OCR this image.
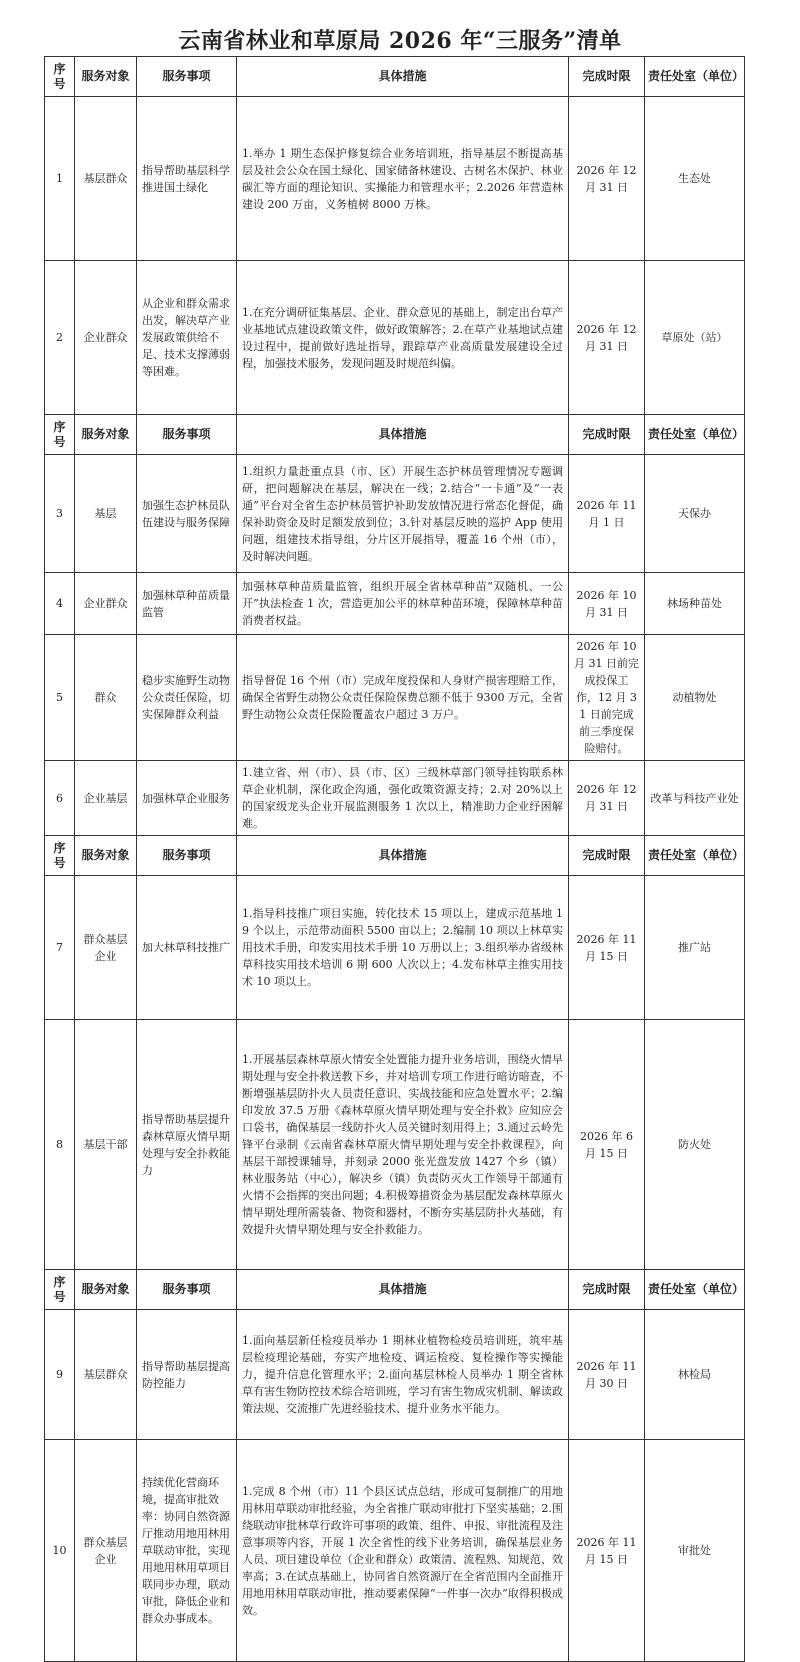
云南省林业和草原局 2026 年“三服务”清单
序号	服务对象	服务事项	具体措施	完成时限	责任处室（单位）
1	基层群众	指导帮助基层科学推进国土绿化	1.举办 1 期生态保护修复综合业务培训班，指导基层不断提高基层及社会公众在国土绿化、国家储备林建设、古树名木保护、林业碳汇等方面的理论知识、实操能力和管理水平；2.2026 年营造林建设 200 万亩，义务植树 8000 万株。	2026 年 12 月 31 日	生态处
2	企业群众	从企业和群众需求出发，解决草产业发展政策供给不足、技术支撑薄弱等困难。	1.在充分调研征集基层、企业、群众意见的基础上，制定出台草产业基地试点建设政策文件，做好政策解答；2.在草产业基地试点建设过程中，提前做好选址指导，跟踪草产业高质量发展建设全过程，加强技术服务，发现问题及时规范纠偏。	2026 年 12 月 31 日	草原处（站）
序号	服务对象	服务事项	具体措施	完成时限	责任处室（单位）
3	基层	加强生态护林员队伍建设与服务保障	1.组织力量赴重点县（市、区）开展生态护林员管理情况专题调研，把问题解决在基层，解决在一线；2.结合“一卡通”及“一表通”平台对全省生态护林员管护补助发放情况进行常态化督促，确保补助资金及时足额发放到位；3.针对基层反映的巡护 App 使用问题，组建技术指导组，分片区开展指导，覆盖 16 个州（市），及时解决问题。	2026 年 11 月 1 日	天保办
4	企业群众	加强林草种苗质量监管	加强林草种苗质量监管，组织开展全省林草种苗“双随机、一公开”执法检查 1 次，营造更加公平的林草种苗环境，保障林草种苗消费者权益。	2026 年 10 月 31 日	林场种苗处
5	群众	稳步实施野生动物公众责任保险，切实保障群众利益	指导督促 16 个州（市）完成年度投保和人身财产损害理赔工作，确保全省野生动物公众责任保险保费总额不低于 9300 万元，全省野生动物公众责任保险覆盖农户超过 3 万户。	2026 年 10 月 31 日前完成投保工作，12 月 31 日前完成前三季度保险赔付。	动植物处
6	企业基层	加强林草企业服务	1.建立省、州（市）、县（市、区）三级林草部门领导挂钩联系林草企业机制，深化政企沟通，强化政策资源支持；2.对 20%以上的国家级龙头企业开展监测服务 1 次以上，精准助力企业纾困解难。	2026 年 12 月 31 日	改革与科技产业处
序号	服务对象	服务事项	具体措施	完成时限	责任处室（单位）
7	群众基层企业	加大林草科技推广	1.指导科技推广项目实施，转化技术 15 项以上，建成示范基地 19 个以上，示范带动面积 5500 亩以上；2.编制 10 项以上林草实用技术手册，印发实用技术手册 10 万册以上；3.组织举办省级林草科技实用技术培训 6 期 600 人次以上；4.发布林草主推实用技术 10 项以上。	2026 年 11 月 15 日	推广站
8	基层干部	指导帮助基层提升森林草原火情早期处理与安全扑救能力	1.开展基层森林草原火情安全处置能力提升业务培训，围绕火情早期处理与安全扑救送教下乡，并对培训专项工作进行暗访暗查，不断增强基层防扑火人员责任意识、实战技能和应急处置水平；2.编印发放 37.5 万册《森林草原火情早期处理与安全扑救》应知应会口袋书，确保基层一线防扑火人员关键时刻用得上；3.通过云岭先锋平台录制《云南省森林草原火情早期处理与安全扑救课程》，向基层干部授课辅导，并刻录 2000 张光盘发放 1427 个乡（镇）林业服务站（中心），解决乡（镇）负责防灭火工作领导干部通有火情不会指挥的突出问题；4.积极筹措资金为基层配发森林草原火情早期处理所需装备、物资和器材，不断夯实基层防扑火基础，有效提升火情早期处理与安全扑救能力。	2026 年 6 月 15 日	防火处
序号	服务对象	服务事项	具体措施	完成时限	责任处室（单位）
9	基层群众	指导帮助基层提高防控能力	1.面向基层新任检疫员举办 1 期林业植物检疫员培训班，筑牢基层检疫理论基础，夯实产地检疫、调运检疫、复检操作等实操能力，提升信息化管理水平；2.面向基层林检人员举办 1 期全省林草有害生物防控技术综合培训班，学习有害生物成灾机制、解读政策法规、交流推广先进经验技术、提升业务水平能力。	2026 年 11 月 30 日	林检局
10	群众基层企业	持续优化营商环境，提高审批效率：协同自然资源厅推动用地用林用草联动审批，实现用地用林用草项目联同步办理，联动审批，降低企业和群众办事成本。	1.完成 8 个州（市）11 个县区试点总结，形成可复制推广的用地用林用草联动审批经验，为全省推广联动审批打下坚实基础；2.围绕联动审批林草行政许可事项的政策、组件、申报、审批流程及注意事项等内容，开展 1 次全省性的线下业务培训，确保基层业务人员、项目建设单位（企业和群众）政策清、流程熟、知规范、效率高；3.在试点基础上，协同省自然资源厅在全省范围内全面推开用地用林用草联动审批，推动要素保障“一件事一次办”取得积极成效。	2026 年 11 月 15 日	审批处
